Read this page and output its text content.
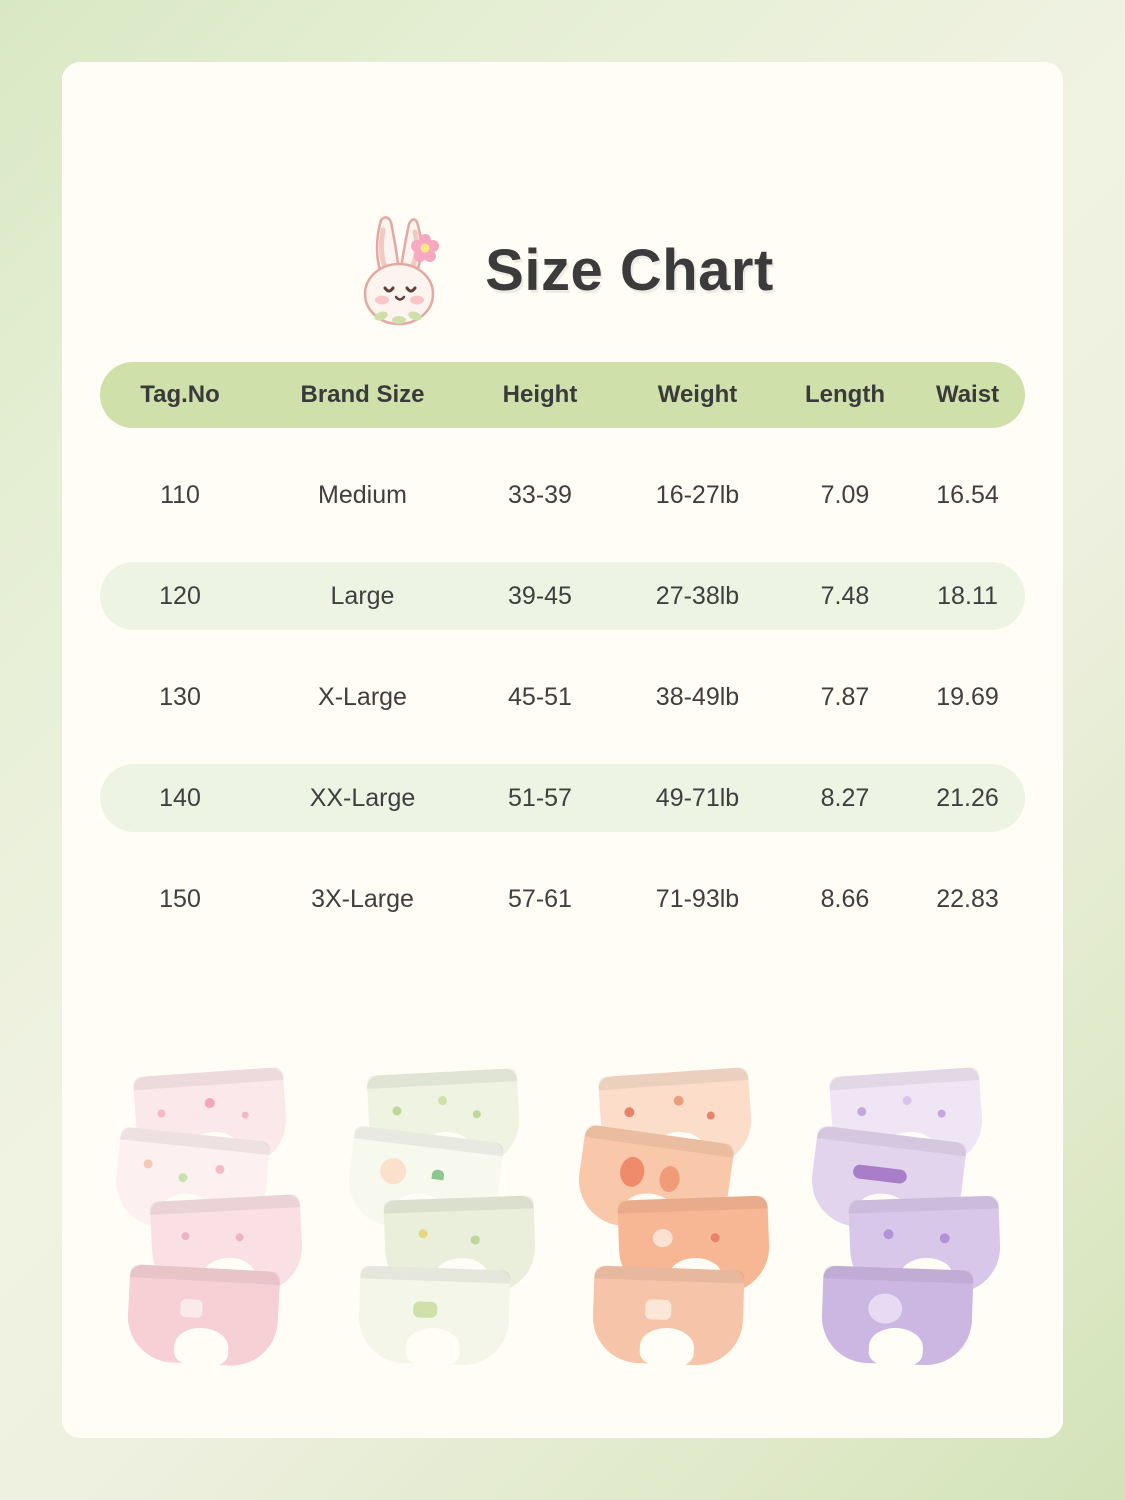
Size Chart
Tag.No	Brand Size	Height	Weight	Length	Waist
110	Medium	33-39	16-27lb	7.09	16.54
120	Large	39-45	27-38lb	7.48	18.11
130	X-Large	45-51	38-49lb	7.87	19.69
140	XX-Large	51-57	49-71lb	8.27	21.26
150	3X-Large	57-61	71-93lb	8.66	22.83
